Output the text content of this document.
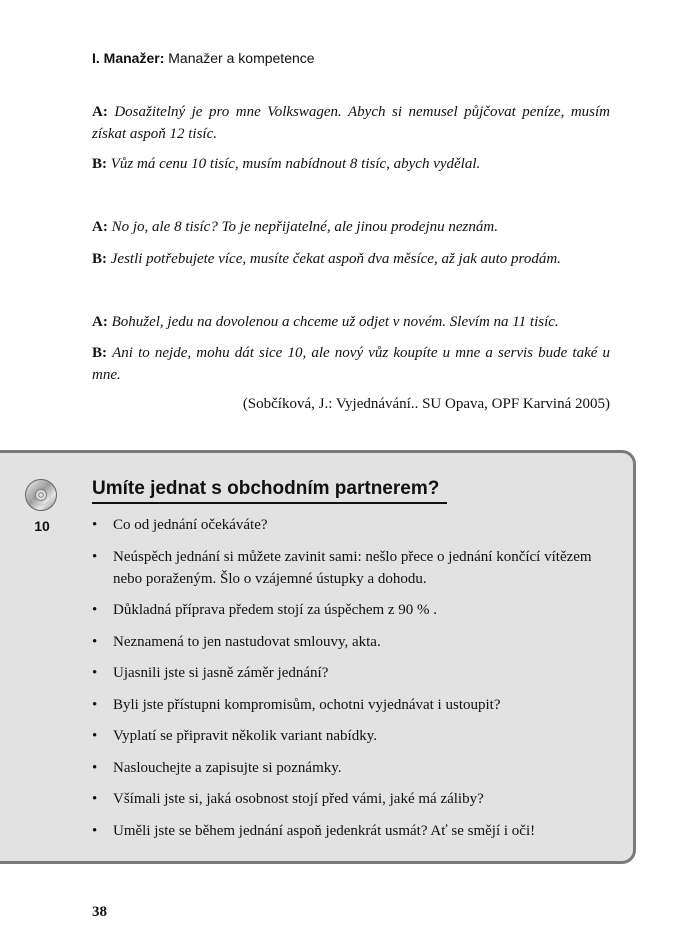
I. Manažer: Manažer a kompetence

A: Dosažitelný je pro mne Volkswagen. Abych si nemusel půjčovat peníze, musím získat aspoň 12 tisíc.

B: Vůz má cenu 10 tisíc, musím nabídnout 8 tisíc, abych vydělal.

A: No jo, ale 8 tisíc? To je nepřijatelné, ale jinou prodejnu neznám.

B: Jestli potřebujete více, musíte čekat aspoň dva měsíce, až jak auto prodám.

A: Bohužel, jedu na dovolenou a chceme už odjet v novém. Slevím na 11 tisíc.

B: Ani to nejde, mohu dát sice 10, ale nový vůz koupíte u mne a servis bude také u mne.

(Sobčíková, J.: Vyjednávání.. SU Opava, OPF Karviná 2005)
10
Umíte jednat s obchodním partnerem?
• Co od jednání očekáváte?
• Neúspěch jednání si můžete zavinit sami: nešlo přece o jednání končící vítězem nebo poraženým. Šlo o vzájemné ústupky a dohodu.
• Důkladná příprava předem stojí za úspěchem z 90 % .
• Neznamená to jen nastudovat smlouvy, akta.
• Ujasnili jste si jasně záměr jednání?
• Byli jste přístupni kompromisům, ochotni vyjednávat i ustoupit?
• Vyplatí se připravit několik variant nabídky.
• Naslouchejte a zapisujte si poznámky.
• Všímali jste si, jaká osobnost stojí před vámi, jaké má záliby?
• Uměli jste se během jednání aspoň jedenkrát usmát? Ať se smějí i oči!
38
